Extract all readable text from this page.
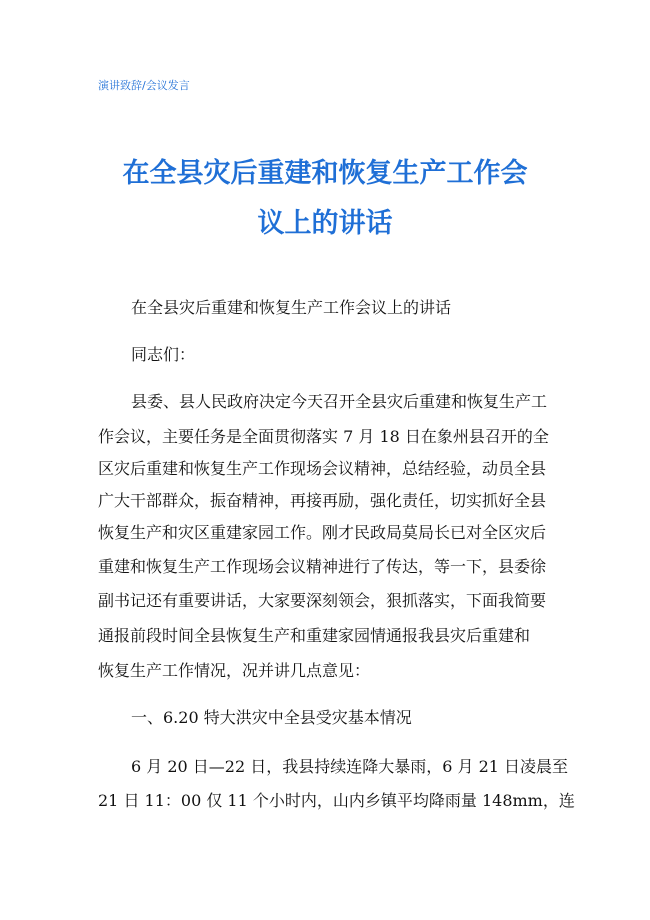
演讲致辞/会议发言
在全县灾后重建和恢复生产工作会
议上的讲话
在全县灾后重建和恢复生产工作会议上的讲话
同志们：
县委、县人民政府决定今天召开全县灾后重建和恢复生产工
作会议，主要任务是全面贯彻落实 7 月 18 日在象州县召开的全
区灾后重建和恢复生产工作现场会议精神，总结经验，动员全县
广大干部群众，振奋精神，再接再励，强化责任，切实抓好全县
恢复生产和灾区重建家园工作。刚才民政局莫局长已对全区灾后
重建和恢复生产工作现场会议精神进行了传达，等一下，县委徐
副书记还有重要讲话，大家要深刻领会，狠抓落实，下面我简要
通报前段时间全县恢复生产和重建家园情通报我县灾后重建和
恢复生产工作情况，况并讲几点意见：
一、6.20 特大洪灾中全县受灾基本情况
6 月 20 日—22 日，我县持续连降大暴雨，6 月 21 日凌晨至
21 日 11：00 仅 11 个小时内，山内乡镇平均降雨量 148mm，连
